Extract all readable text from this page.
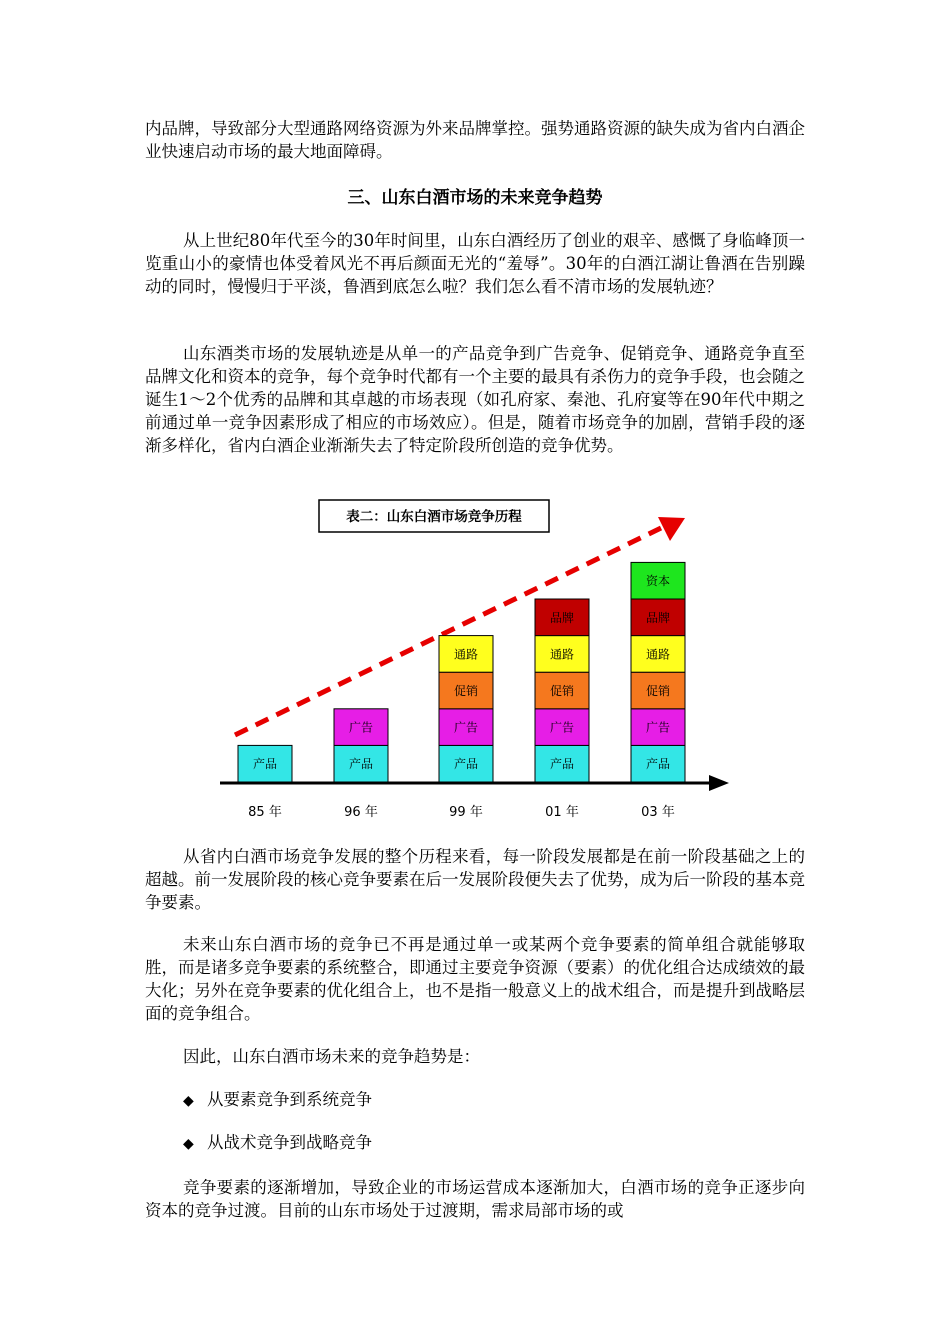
内品牌，导致部分大型通路网络资源为外来品牌掌控。强势通路资源的缺失成为省内白酒企业快速启动市场的最大地面障碍。
三、山东白酒市场的未来竞争趋势
从上世纪80年代至今的30年时间里，山东白酒经历了创业的艰辛、感慨了身临峰顶一览重山小的豪情也体受着风光不再后颜面无光的“羞辱”。30年的白酒江湖让鲁酒在告别躁动的同时，慢慢归于平淡，鲁酒到底怎么啦？我们怎么看不清市场的发展轨迹？
山东酒类市场的发展轨迹是从单一的产品竞争到广告竞争、促销竞争、通路竞争直至品牌文化和资本的竞争，每个竞争时代都有一个主要的最具有杀伤力的竞争手段，也会随之诞生1～2个优秀的品牌和其卓越的市场表现（如孔府家、秦池、孔府宴等在90年代中期之前通过单一竞争因素形成了相应的市场效应）。但是，随着市场竞争的加剧，营销手段的逐渐多样化，省内白酒企业渐渐失去了特定阶段所创造的竞争优势。
表二：山东白酒市场竞争历程
产品	产品
广告
产品
广告
促销
通路
产品
广告
促销
通路
品牌
产品
广告
促销
通路
品牌
资本
85 年	96 年	99 年	01 年	03 年
从省内白酒市场竞争发展的整个历程来看，每一阶段发展都是在前一阶段基础之上的超越。前一发展阶段的核心竞争要素在后一发展阶段便失去了优势，成为后一阶段的基本竞争要素。
未来山东白酒市场的竞争已不再是通过单一或某两个竞争要素的简单组合就能够取胜，而是诸多竞争要素的系统整合，即通过主要竞争资源（要素）的优化组合达成绩效的最大化；另外在竞争要素的优化组合上，也不是指一般意义上的战术组合，而是提升到战略层面的竞争组合。
因此，山东白酒市场未来的竞争趋势是：
◆ 从要素竞争到系统竞争
◆ 从战术竞争到战略竞争
竞争要素的逐渐增加，导致企业的市场运营成本逐渐加大，白酒市场的竞争正逐步向资本的竞争过渡。目前的山东市场处于过渡期，需求局部市场的或
